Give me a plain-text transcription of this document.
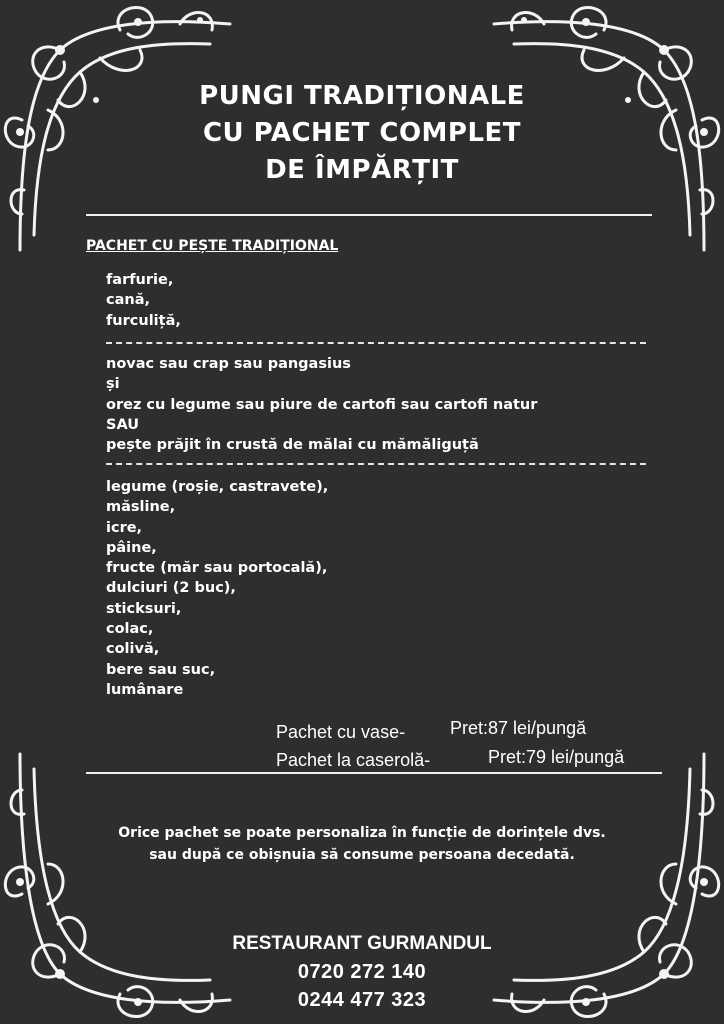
PUNGI TRADIȚIONALE
CU PACHET COMPLET
DE ÎMPĂRȚIT
PACHET CU PEȘTE TRADIȚIONAL
farfurie,
cană,
furculiță,
novac sau crap sau pangasius
și
orez cu legume sau piure de cartofi sau cartofi natur
SAU
pește prăjit în crustă de mălai cu mămăliguță
legume (roșie, castravete),
măsline,
icre,
pâine,
fructe (măr sau portocală),
dulciuri (2 buc),
sticksuri,
colac,
colivă,
bere sau suc,
lumânare
Pachet cu vase- Pret:87 lei/pungă
Pachet la caserolă-	Pret:79 lei/pungă
Orice pachet se poate personaliza în funcție de dorințele dvs.
sau după ce obișnuia să consume persoana decedată.
RESTAURANT GURMANDUL
0720 272 140
0244 477 323
